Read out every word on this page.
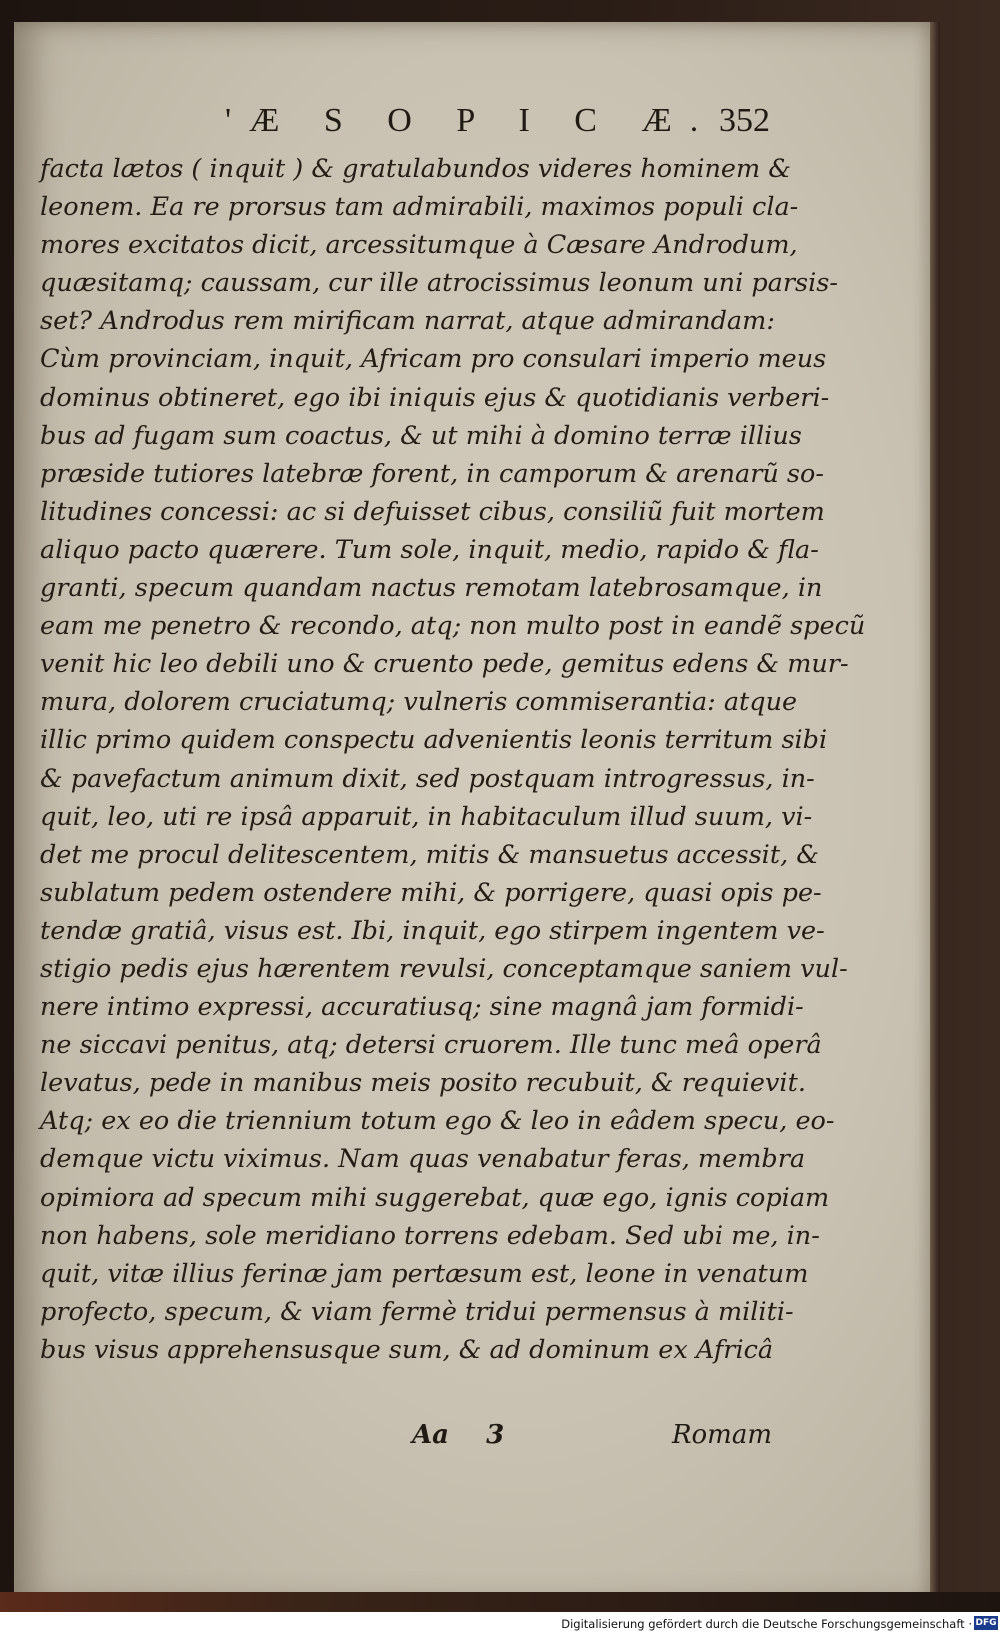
'Æ S O P I C Æ. 352
facta lætos ( inquit ) & gratulabundos videres hominem &
leonem. Ea re prorsus tam admirabili, maximos populi cla-
mores excitatos dicit, arcessitumque à Cæsare Androdum,
quæsitamq; caussam, cur ille atrocissimus leonum uni parsis-
set? Androdus rem mirificam narrat, atque admirandam:
Cùm provinciam, inquit, Africam pro consulari imperio meus
dominus obtineret, ego ibi iniquis ejus & quotidianis verberi-
bus ad fugam sum coactus, & ut mihi à domino terræ illius
præside tutiores latebræ forent, in camporum & arenarũ so-
litudines concessi: ac si defuisset cibus, consiliũ fuit mortem
aliquo pacto quærere. Tum sole, inquit, medio, rapido & fla-
granti, specum quandam nactus remotam latebrosamque, in
eam me penetro & recondo, atq; non multo post in eandẽ specũ
venit hic leo debili uno & cruento pede, gemitus edens & mur-
mura, dolorem cruciatumq; vulneris commiserantia: atque
illic primo quidem conspectu advenientis leonis territum sibi
& pavefactum animum dixit, sed postquam introgressus, in-
quit, leo, uti re ipsâ apparuit, in habitaculum illud suum, vi-
det me procul delitescentem, mitis & mansuetus accessit, &
sublatum pedem ostendere mihi, & porrigere, quasi opis pe-
tendæ gratiâ, visus est. Ibi, inquit, ego stirpem ingentem ve-
stigio pedis ejus hærentem revulsi, conceptamque saniem vul-
nere intimo expressi, accuratiusq; sine magnâ jam formidi-
ne siccavi penitus, atq; detersi cruorem. Ille tunc meâ operâ
levatus, pede in manibus meis posito recubuit, & requievit.
Atq; ex eo die triennium totum ego & leo in eâdem specu, eo-
demque victu viximus. Nam quas venabatur feras, membra
opimiora ad specum mihi suggerebat, quæ ego, ignis copiam
non habens, sole meridiano torrens edebam. Sed ubi me, in-
quit, vitæ illius ferinæ jam pertæsum est, leone in venatum
profecto, specum, & viam fermè tridui permensus à militi-
bus visus apprehensusque sum, & ad dominum ex Africâ
Aa 3	Romam
Digitalisierung gefördert durch die Deutsche Forschungsgemeinschaft · DFG
